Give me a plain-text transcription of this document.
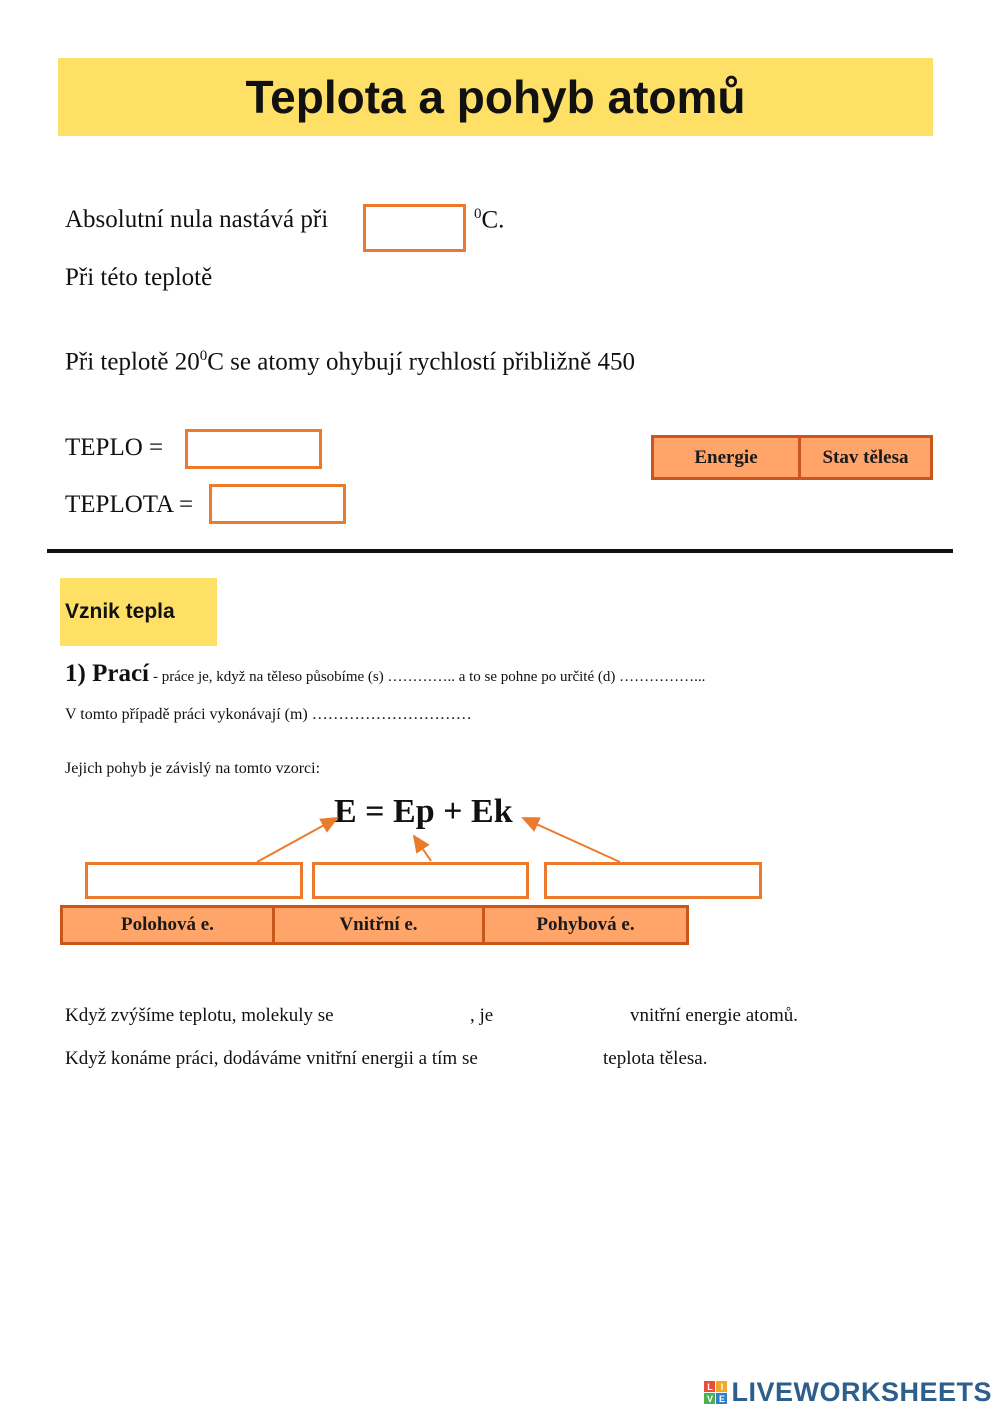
Teplota a pohyb atomů
Absolutní nula nastává při	$^0$C.
Při této teplotě
Při teplotě $20^0C$ se atomy ohybují rychlostí přibližně 450
TEPLO =
TEPLOTA =
Energie	Stav tělesa
Vznik tepla
1) Prací - práce je, když na těleso působíme (s) ………….. a to se pohne po určité (d) ……………...
V tomto případě práci vykonávají (m) …………………………
Jejich pohyb je závislý na tomto vzorci:
E = Ep + Ek
Polohová e.	Vnitřní e.	Pohybová e.
Když zvýšíme teplotu, molekuly se	, je	vnitřní energie atomů.
Když konáme práci, dodáváme vnitřní energii a tím se	teplota tělesa.
L I
V E LIVEWORKSHEETS
